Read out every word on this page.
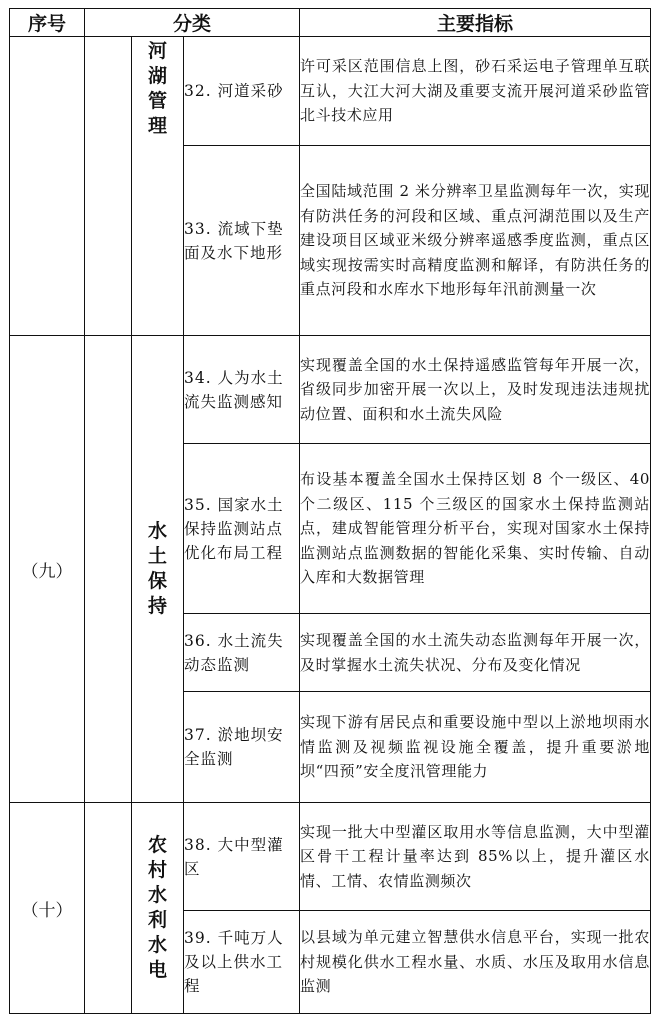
序号	分类			主要指标
		河湖管理	32. 河道采砂	许可采区范围信息上图，砂石采运电子管理单互联互认，大江大河大湖及重要支流开展河道采砂监管北斗技术应用
			33. 流域下垫面及水下地形	全国陆域范围 2 米分辨率卫星监测每年一次，实现有防洪任务的河段和区域、重点河湖范围以及生产建设项目区域亚米级分辨率遥感季度监测，重点区域实现按需实时高精度监测和解译，有防洪任务的重点河段和水库水下地形每年汛前测量一次
（九）		水土保持	34. 人为水土流失监测感知	实现覆盖全国的水土保持遥感监管每年开展一次，省级同步加密开展一次以上，及时发现违法违规扰动位置、面积和水土流失风险
			35. 国家水土保持监测站点优化布局工程	布设基本覆盖全国水土保持区划 8 个一级区、40 个二级区、115 个三级区的国家水土保持监测站点，建成智能管理分析平台，实现对国家水土保持监测站点监测数据的智能化采集、实时传输、自动入库和大数据管理
			36. 水土流失动态监测	实现覆盖全国的水土流失动态监测每年开展一次，及时掌握水土流失状况、分布及变化情况
			37. 淤地坝安全监测	实现下游有居民点和重要设施中型以上淤地坝雨水情监测及视频监视设施全覆盖，提升重要淤地坝“四预”安全度汛管理能力
（十）		农村水利水电	38. 大中型灌区	实现一批大中型灌区取用水等信息监测，大中型灌区骨干工程计量率达到 85%以上，提升灌区水情、工情、农情监测频次
			39. 千吨万人及以上供水工程	以县域为单元建立智慧供水信息平台，实现一批农村规模化供水工程水量、水质、水压及取用水信息监测
